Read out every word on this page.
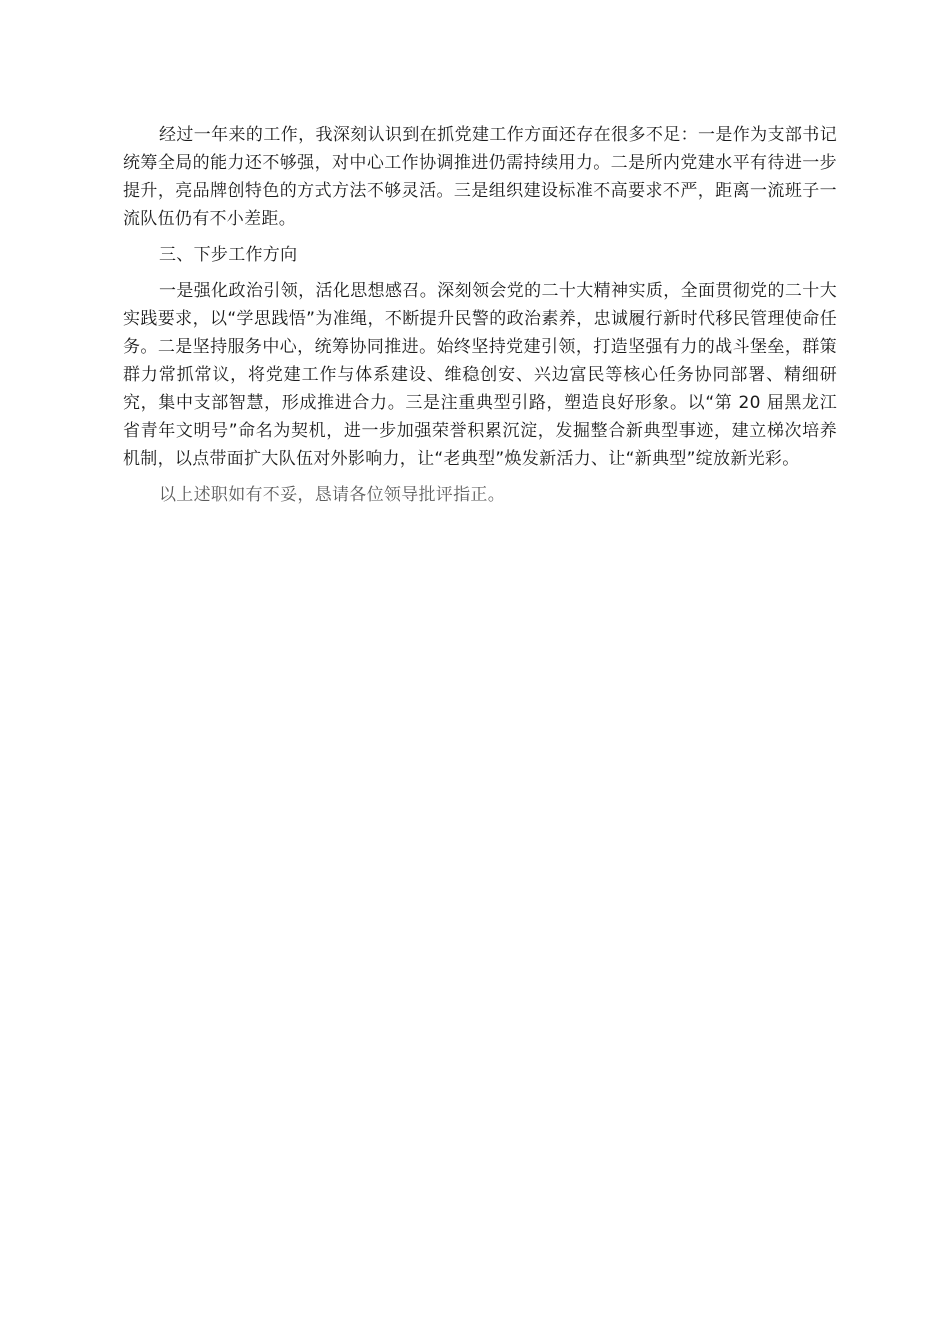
经过一年来的工作，我深刻认识到在抓党建工作方面还存在很多不足：一是作为支部书记统筹全局的能力还不够强，对中心工作协调推进仍需持续用力。二是所内党建水平有待进一步提升，亮品牌创特色的方式方法不够灵活。三是组织建设标准不高要求不严，距离一流班子一流队伍仍有不小差距。

三、下步工作方向

一是强化政治引领，活化思想感召。深刻领会党的二十大精神实质，全面贯彻党的二十大实践要求，以“学思践悟”为准绳，不断提升民警的政治素养，忠诚履行新时代移民管理使命任务。二是坚持服务中心，统筹协同推进。始终坚持党建引领，打造坚强有力的战斗堡垒，群策群力常抓常议，将党建工作与体系建设、维稳创安、兴边富民等核心任务协同部署、精细研究，集中支部智慧，形成推进合力。三是注重典型引路，塑造良好形象。以“第 20 届黑龙江省青年文明号”命名为契机，进一步加强荣誉积累沉淀，发掘整合新典型事迹，建立梯次培养机制，以点带面扩大队伍对外影响力，让“老典型”焕发新活力、让“新典型”绽放新光彩。

以上述职如有不妥，恳请各位领导批评指正。
